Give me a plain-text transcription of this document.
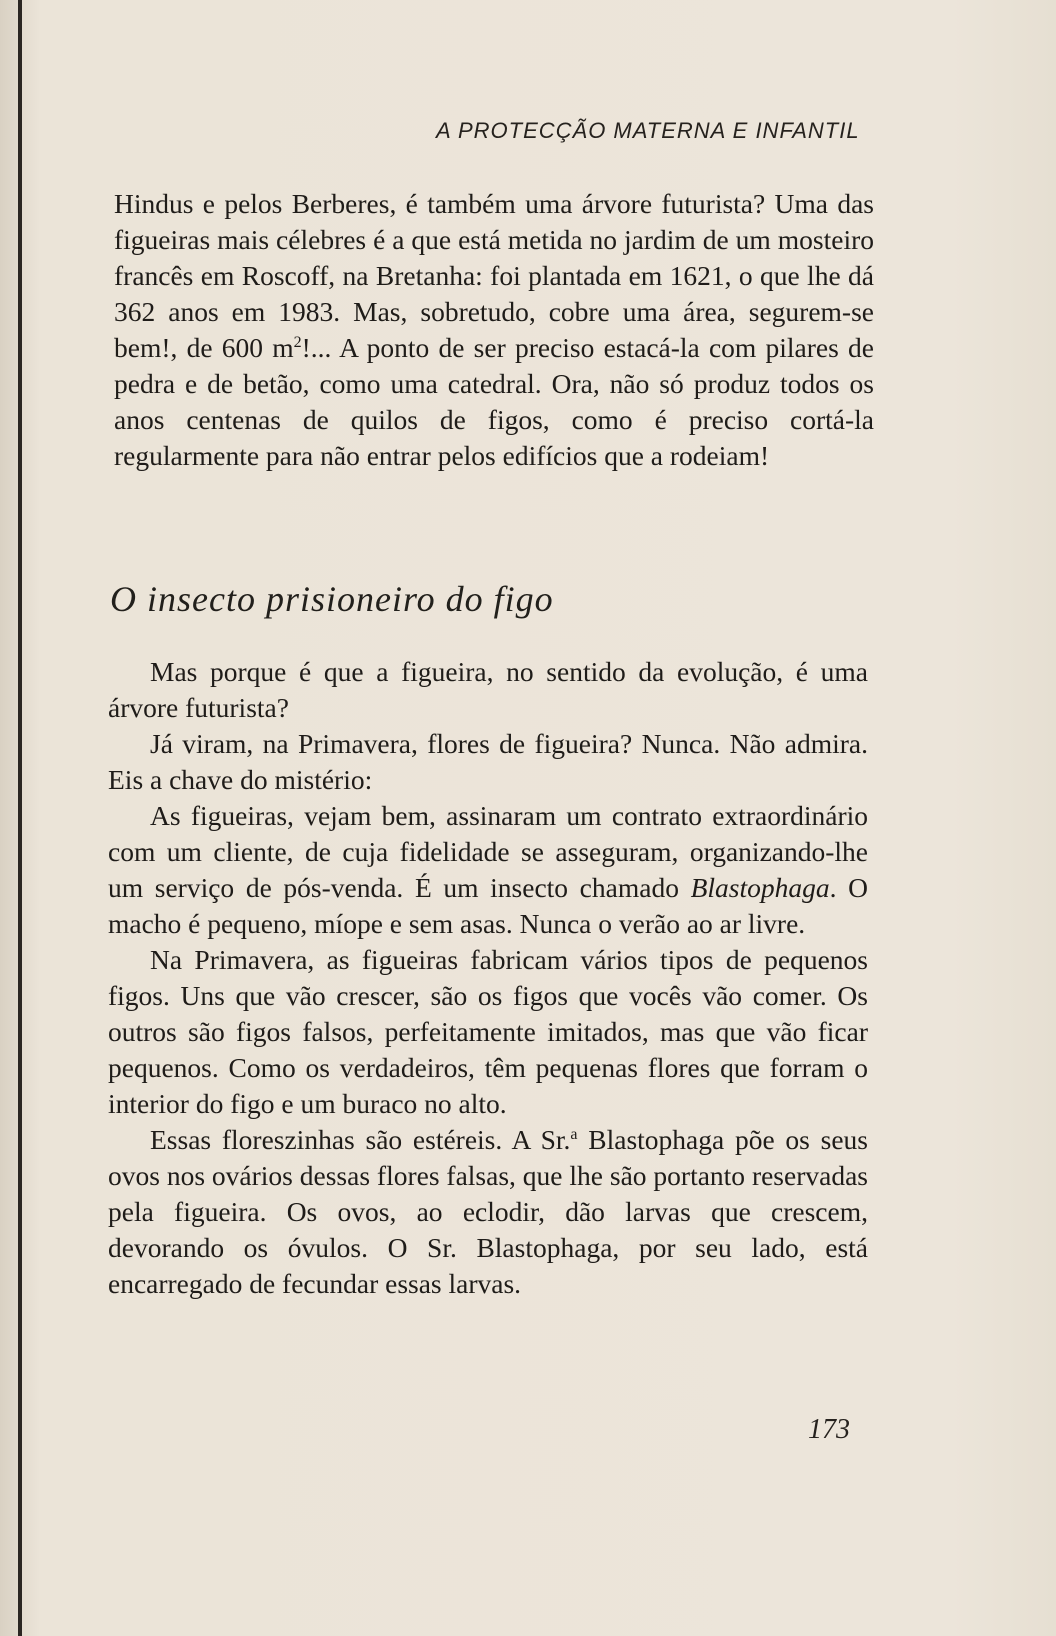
A PROTECÇÃO MATERNA E INFANTIL

Hindus e pelos Berberes, é também uma árvore futurista? Uma das figueiras mais célebres é a que está metida no jardim de um mosteiro francês em Roscoff, na Bretanha: foi plantada em 1621, o que lhe dá 362 anos em 1983. Mas, sobretudo, cobre uma área, segurem-se bem!, de 600 $m^2$!... A ponto de ser preciso estacá-la com pilares de pedra e de betão, como uma catedral. Ora, não só produz todos os anos centenas de quilos de figos, como é preciso cortá-la regularmente para não entrar pelos edifícios que a rodeiam!

O insecto prisioneiro do figo

Mas porque é que a figueira, no sentido da evolução, é uma árvore futurista?

Já viram, na Primavera, flores de figueira? Nunca. Não admira. Eis a chave do mistério:

As figueiras, vejam bem, assinaram um contrato extraordinário com um cliente, de cuja fidelidade se asseguram, organizando-lhe um serviço de pós-venda. É um insecto chamado Blastophaga. O macho é pequeno, míope e sem asas. Nunca o verão ao ar livre.

Na Primavera, as figueiras fabricam vários tipos de pequenos figos. Uns que vão crescer, são os figos que vocês vão comer. Os outros são figos falsos, perfeitamente imitados, mas que vão ficar pequenos. Como os verdadeiros, têm pequenas flores que forram o interior do figo e um buraco no alto.

Essas floreszinhas são estéreis. A Sr.$^a$ Blastophaga põe os seus ovos nos ovários dessas flores falsas, que lhe são portanto reservadas pela figueira. Os ovos, ao eclodir, dão larvas que crescem, devorando os óvulos. O Sr. Blastophaga, por seu lado, está encarregado de fecundar essas larvas.

173
